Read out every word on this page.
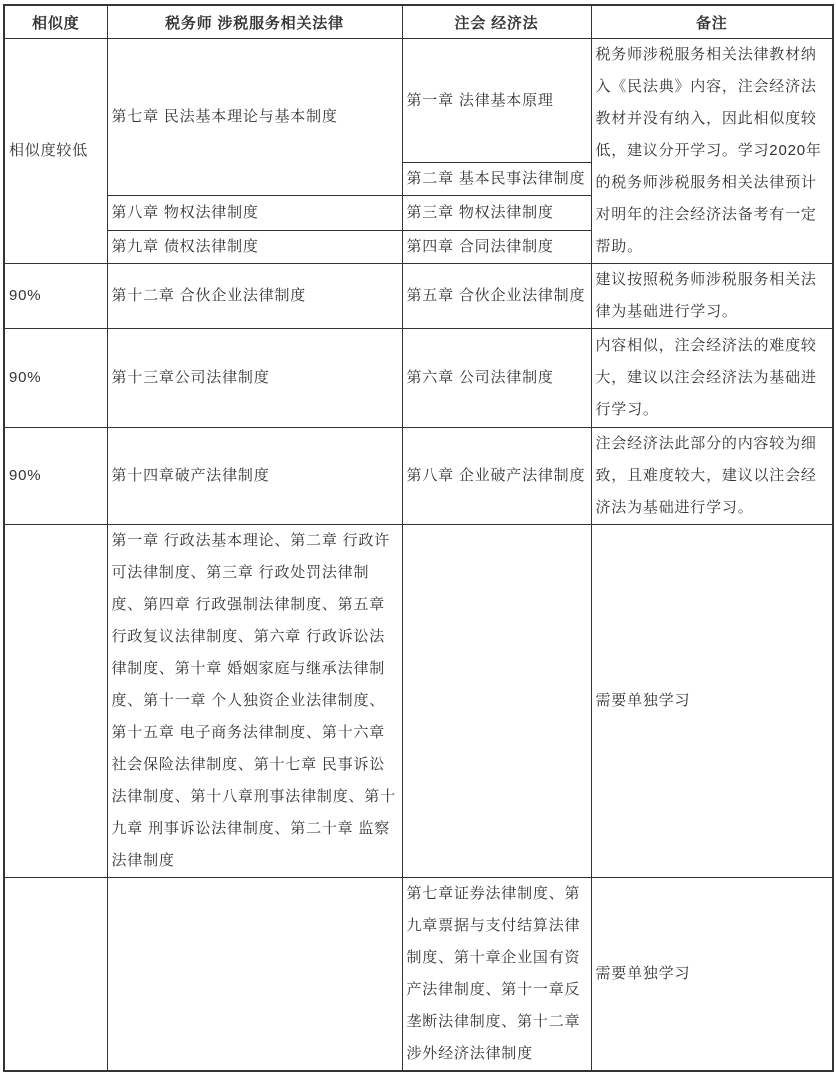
相似度	税务师 涉税服务相关法律	注会 经济法	备注
相似度较低	第七章 民法基本理论与基本制度	第一章 法律基本原理	税务师涉税服务相关法律教材纳入《民法典》内容，注会经济法教材并没有纳入，因此相似度较低，建议分开学习。学习2020年的税务师涉税服务相关法律预计对明年的注会经济法备考有一定帮助。
		第二章 基本民事法律制度	
	第八章 物权法律制度	第三章 物权法律制度	
	第九章 债权法律制度	第四章 合同法律制度	
90%	第十二章 合伙企业法律制度	第五章 合伙企业法律制度	建议按照税务师涉税服务相关法律为基础进行学习。
90%	第十三章公司法律制度	第六章 公司法律制度	内容相似，注会经济法的难度较大，建议以注会经济法为基础进行学习。
90%	第十四章破产法律制度	第八章 企业破产法律制度	注会经济法此部分的内容较为细致，且难度较大，建议以注会经济法为基础进行学习。
	第一章 行政法基本理论、第二章 行政许可法律制度、第三章 行政处罚法律制度、第四章 行政强制法律制度、第五章 行政复议法律制度、第六章 行政诉讼法律制度、第十章 婚姻家庭与继承法律制度、第十一章 个人独资企业法律制度、第十五章 电子商务法律制度、第十六章 社会保险法律制度、第十七章 民事诉讼法律制度、第十八章刑事法律制度、第十九章 刑事诉讼法律制度、第二十章 监察法律制度		需要单独学习
		第七章证券法律制度、第九章票据与支付结算法律制度、第十章企业国有资产法律制度、第十一章反垄断法律制度、第十二章涉外经济法律制度	需要单独学习
